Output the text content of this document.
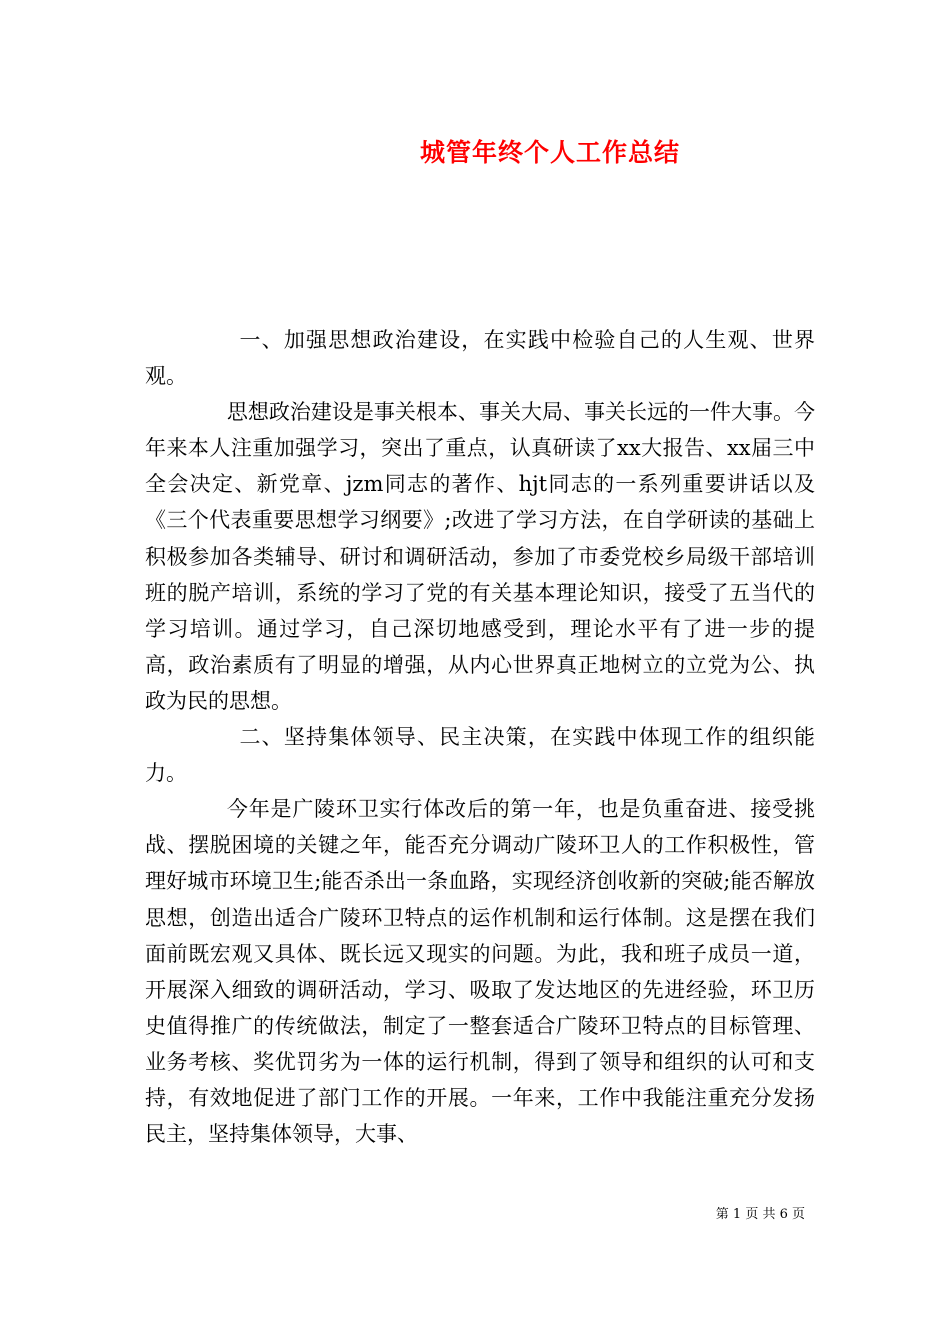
城管年终个人工作总结

一、加强思想政治建设，在实践中检验自己的人生观、世界观。

思想政治建设是事关根本、事关大局、事关长远的一件大事。今年来本人注重加强学习，突出了重点，认真研读了xx大报告、xx届三中全会决定、新党章、jzm同志的著作、hjt同志的一系列重要讲话以及《三个代表重要思想学习纲要》;改进了学习方法，在自学研读的基础上积极参加各类辅导、研讨和调研活动，参加了市委党校乡局级干部培训班的脱产培训，系统的学习了党的有关基本理论知识，接受了五当代的学习培训。通过学习，自己深切地感受到，理论水平有了进一步的提高，政治素质有了明显的增强，从内心世界真正地树立的立党为公、执政为民的思想。

二、坚持集体领导、民主决策，在实践中体现工作的组织能力。

今年是广陵环卫实行体改后的第一年，也是负重奋进、接受挑战、摆脱困境的关键之年，能否充分调动广陵环卫人的工作积极性，管理好城市环境卫生;能否杀出一条血路，实现经济创收新的突破;能否解放思想，创造出适合广陵环卫特点的运作机制和运行体制。这是摆在我们面前既宏观又具体、既长远又现实的问题。为此，我和班子成员一道，开展深入细致的调研活动，学习、吸取了发达地区的先进经验，环卫历史值得推广的传统做法，制定了一整套适合广陵环卫特点的目标管理、业务考核、奖优罚劣为一体的运行机制，得到了领导和组织的认可和支持，有效地促进了部门工作的开展。一年来，工作中我能注重充分发扬民主，坚持集体领导，大事、

第 1 页 共 6 页
